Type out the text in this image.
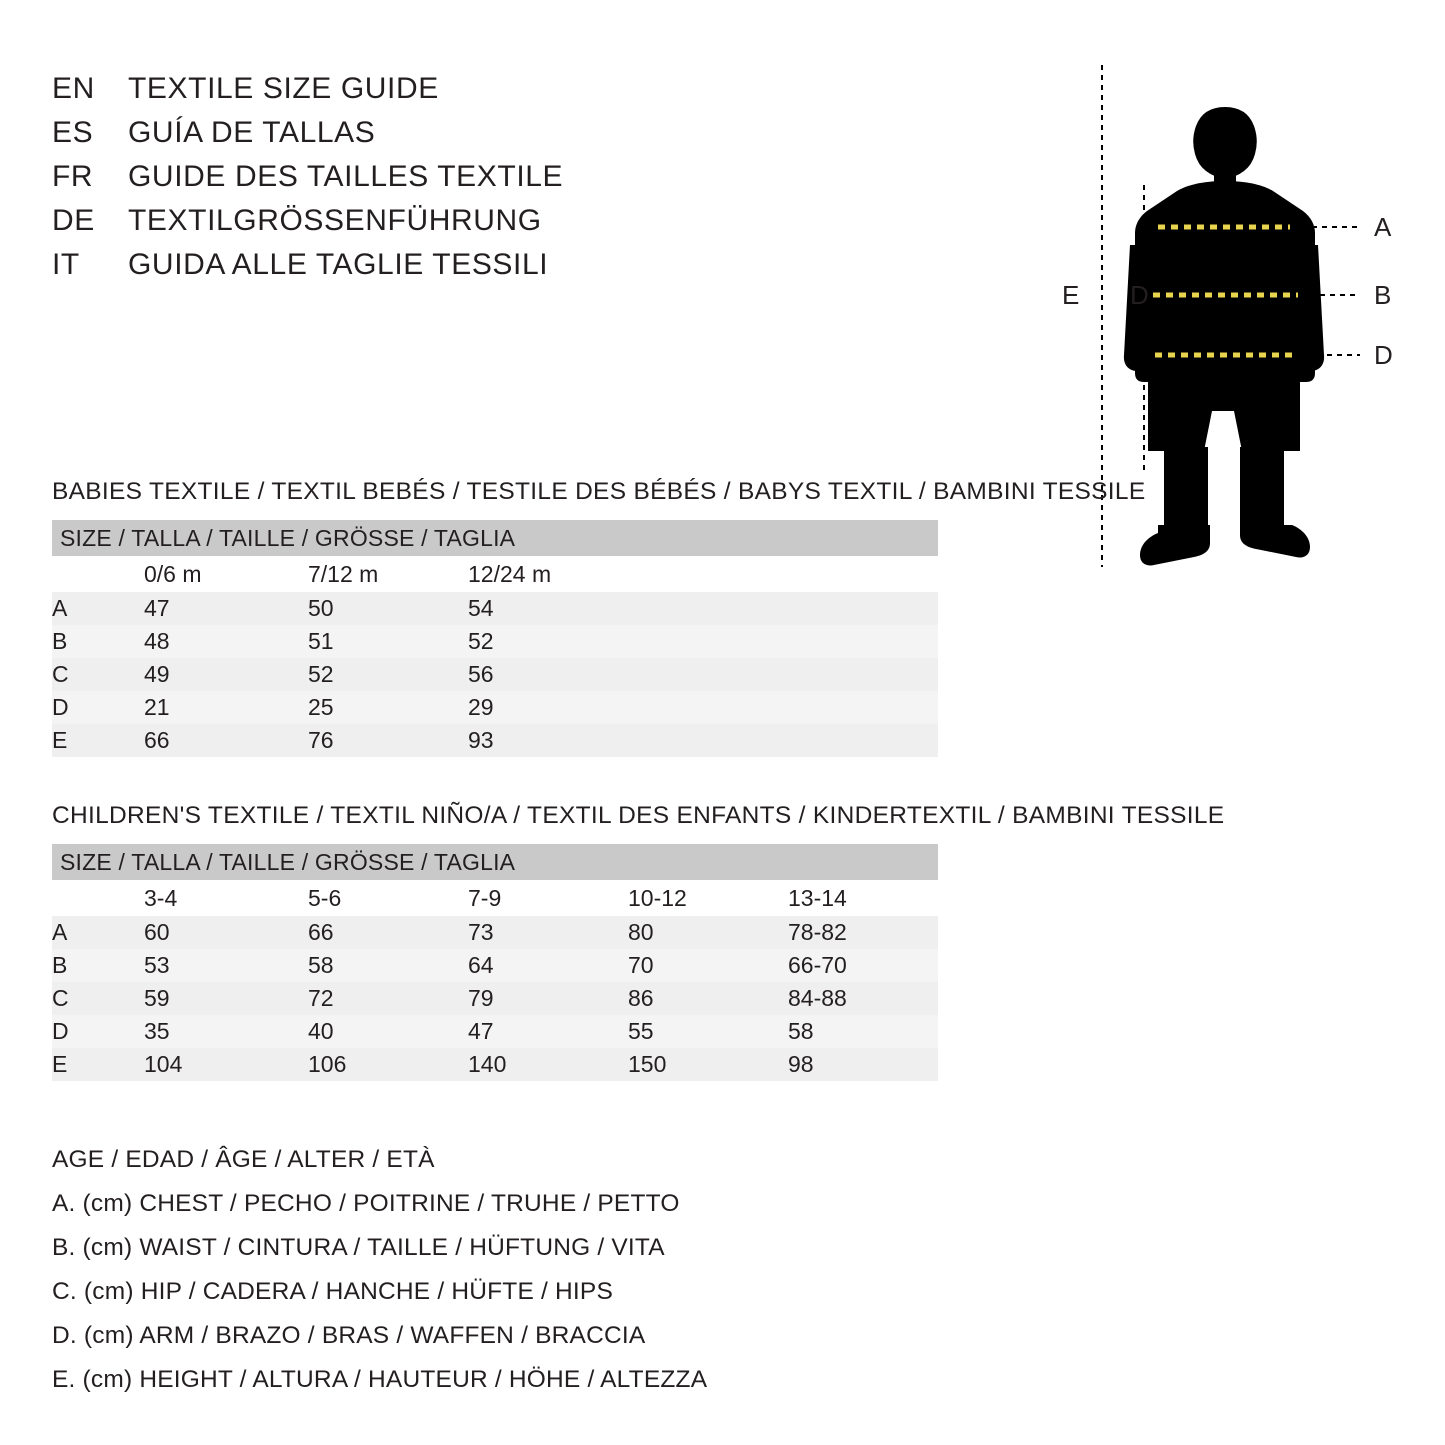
EN	TEXTILE SIZE GUIDE
ES	GUÍA DE TALLAS
FR	GUIDE DES TAILLES TEXTILE
DE	TEXTILGRÖSSENFÜHRUNG
IT	GUIDA ALLE TAGLIE TESSILI
A
B
D
D
E
BABIES TEXTILE / TEXTIL BEBÉS / TESTILE DES BÉBÉS / BABYS TEXTIL / BAMBINI TESSILE
SIZE / TALLA / TAILLE / GRÖSSE / TAGLIA			

	0/6 m	7/12 m	12/24 m

A	47	50	54

B	48	51	52

C	49	52	56

D	21	25	29

E	66	76	93
CHILDREN'S TEXTILE / TEXTIL NIÑO/A / TEXTIL DES ENFANTS / KINDERTEXTIL / BAMBINI TESSILE
SIZE / TALLA / TAILLE / GRÖSSE / TAGLIA					

	3-4	5-6	7-9	10-12	13-14

A	60	66	73	80	78-82

B	53	58	64	70	66-70

C	59	72	79	86	84-88

D	35	40	47	55	58

E	104	106	140	150	98
AGE / EDAD / ÂGE / ALTER / ETÀ
A. (cm) CHEST / PECHO / POITRINE / TRUHE / PETTO
B. (cm) WAIST / CINTURA / TAILLE / HÜFTUNG / VITA
C. (cm) HIP / CADERA / HANCHE / HÜFTE / HIPS
D. (cm) ARM / BRAZO / BRAS / WAFFEN / BRACCIA
E. (cm) HEIGHT / ALTURA / HAUTEUR / HÖHE / ALTEZZA
